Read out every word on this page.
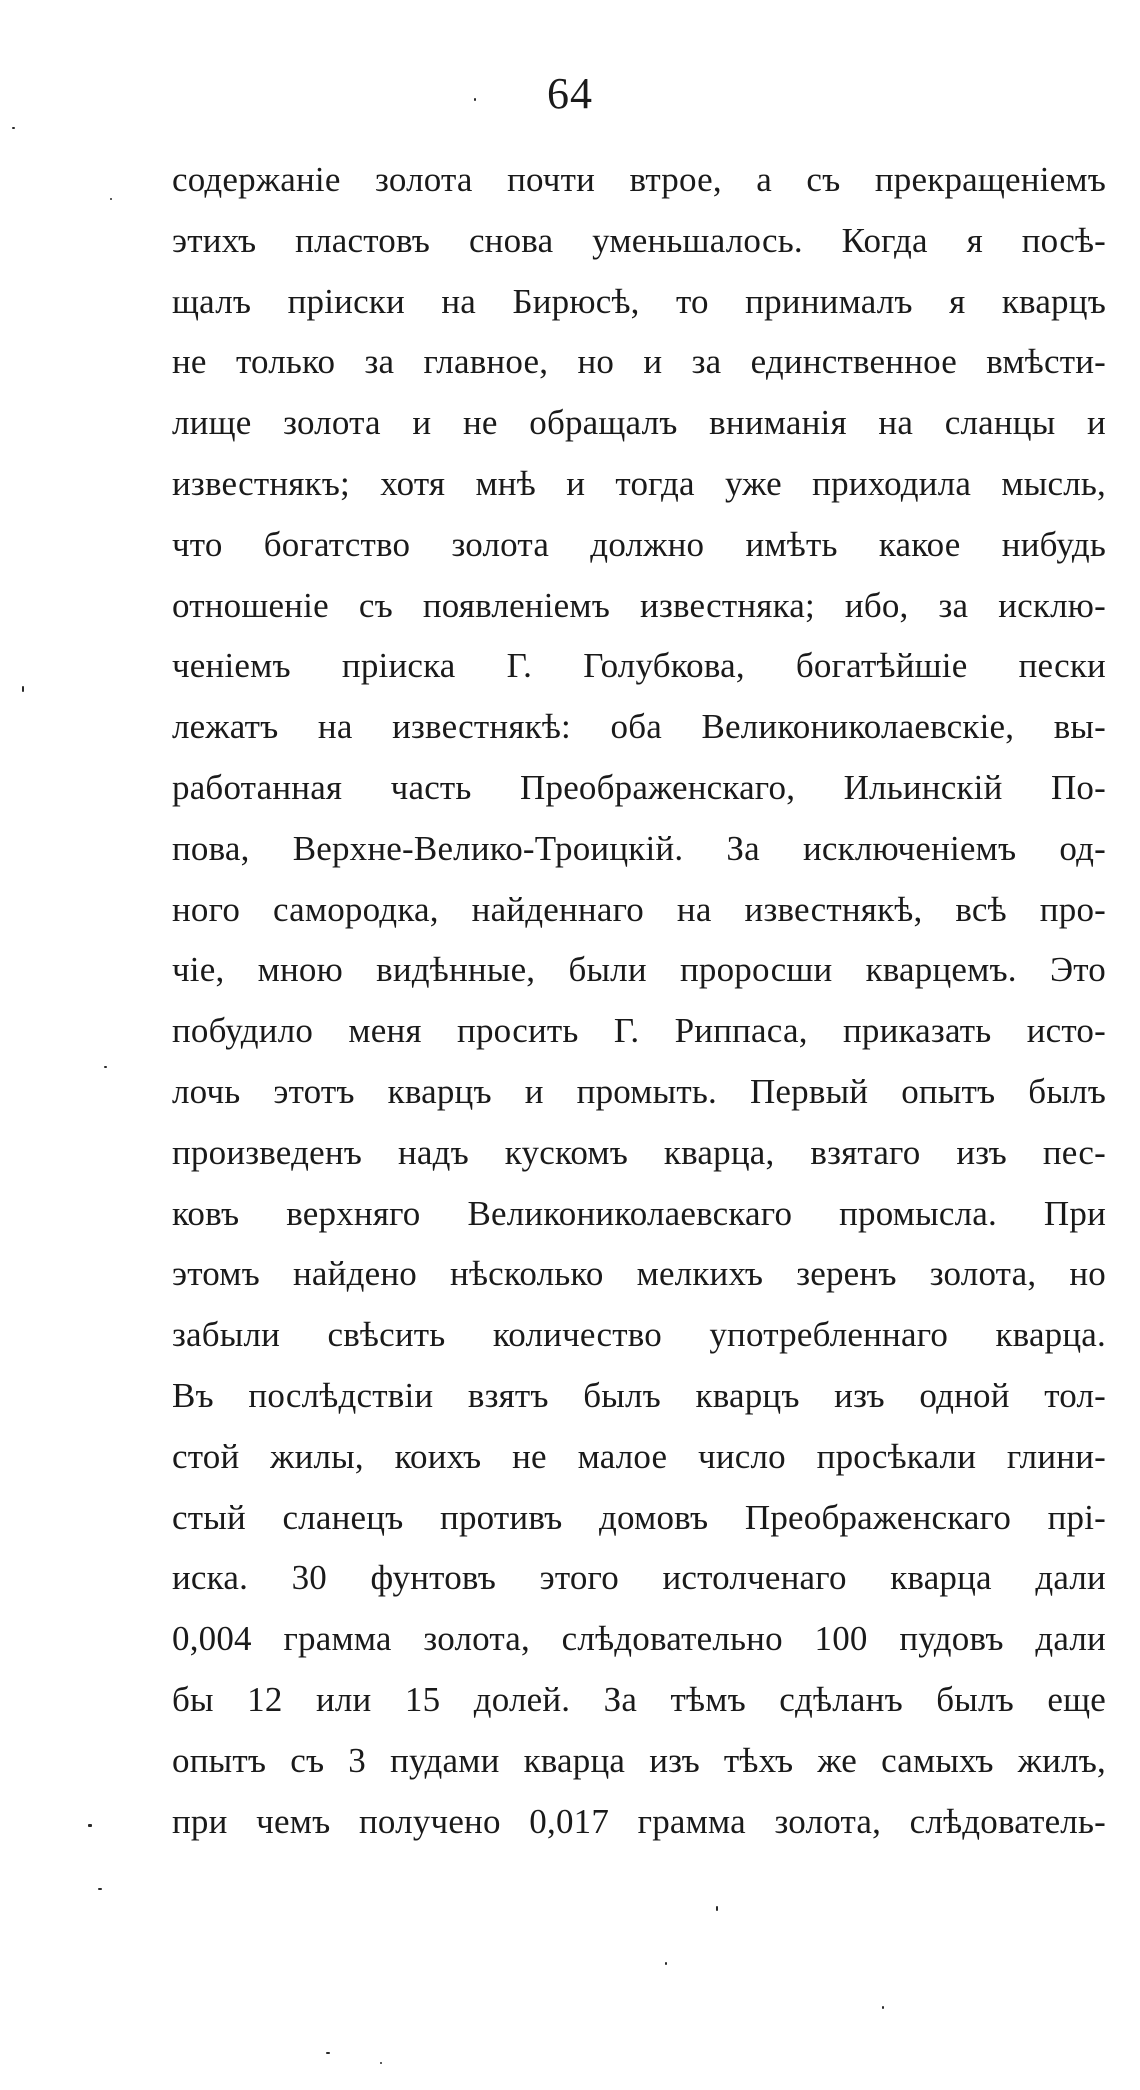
64
содержаніе золота почти втрое, а съ прекращеніемъ
этихъ пластовъ снова уменьшалось. Когда я посѣ-
щалъ пріиски на Бирюсѣ, то принималъ я кварцъ
не только за главное, но и за единственное вмѣсти-
лище золота и не обращалъ вниманія на сланцы и
известнякъ; хотя мнѣ и тогда уже приходила мысль,
что богатство золота должно имѣть какое нибудь
отношеніе съ появленіемъ известняка; ибо, за исклю-
ченіемъ пріиска Г. Голубкова, богатѣйшіе пески
лежатъ на известнякѣ: оба Великониколаевскіе, вы-
работанная часть Преображенскаго, Ильинскій По-
пова, Верхне-Велико-Троицкій. За исключеніемъ од-
ного самородка, найденнаго на известнякѣ, всѣ про-
чіе, мною видѣнные, были проросши кварцемъ. Это
побудило меня просить Г. Риппаса, приказать исто-
лочь этотъ кварцъ и промыть. Первый опытъ былъ
произведенъ надъ кускомъ кварца, взятаго изъ пес-
ковъ верхняго Великониколаевскаго промысла. При
этомъ найдено нѣсколько мелкихъ зеренъ золота, но
забыли свѣсить количество употребленнаго кварца.
Въ послѣдствіи взятъ былъ кварцъ изъ одной тол-
стой жилы, коихъ не малое число просѣкали глини-
стый сланецъ противъ домовъ Преображенскаго прі-
иска. 30 фунтовъ этого истолченаго кварца дали
0,004 грамма золота, слѣдовательно 100 пудовъ дали
бы 12 или 15 долей. За тѣмъ сдѣланъ былъ еще
опытъ съ 3 пудами кварца изъ тѣхъ же самыхъ жилъ,
при чемъ получено 0,017 грамма золота, слѣдователь-
